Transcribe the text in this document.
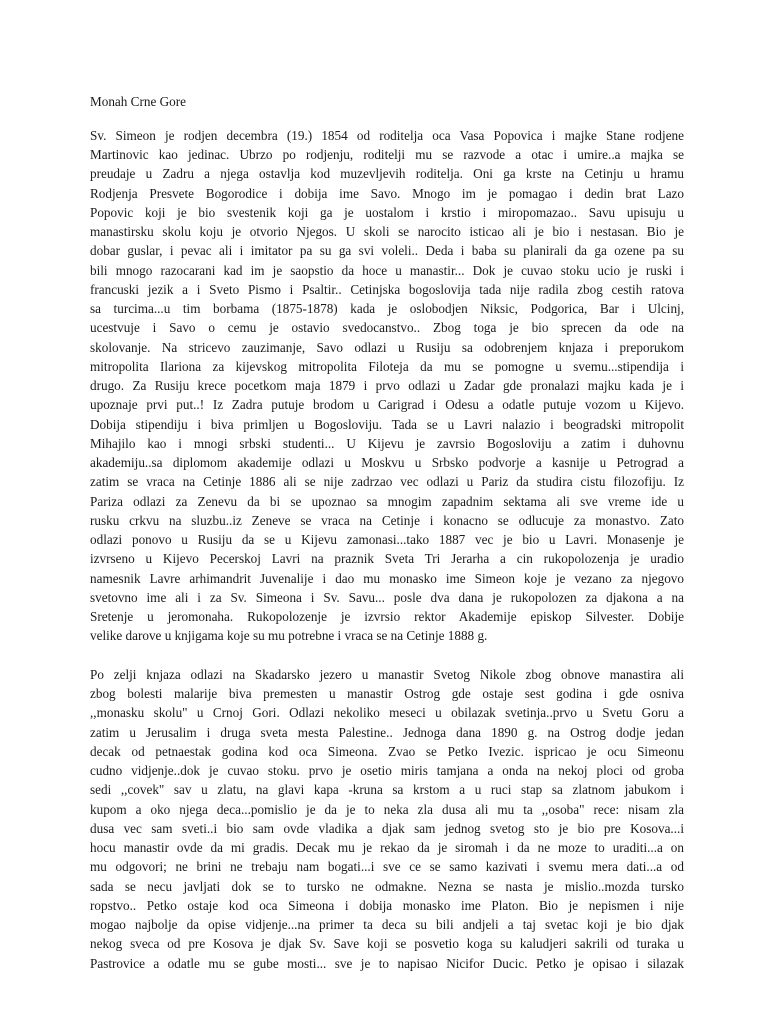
Monah Crne Gore
Sv. Simeon je rodjen decembra (19.) 1854 od roditelja oca Vasa Popovica i majke Stane rodjene
Martinovic kao jedinac. Ubrzo po rodjenju, roditelji mu se razvode a otac i umire..a majka se
preudaje u Zadru a njega ostavlja kod muzevljevih roditelja. Oni ga krste na Cetinju u hramu
Rodjenja Presvete Bogorodice i dobija ime Savo. Mnogo im je pomagao i dedin brat Lazo
Popovic koji je bio svestenik koji ga je uostalom i krstio i miropomazao.. Savu upisuju u
manastirsku skolu koju je otvorio Njegos. U skoli se narocito isticao ali je bio i nestasan. Bio je
dobar guslar, i pevac ali i imitator pa su ga svi voleli.. Deda i baba su planirali da ga ozene pa su
bili mnogo razocarani kad im je saopstio da hoce u manastir... Dok je cuvao stoku ucio je ruski i
francuski jezik a i Sveto Pismo i Psaltir.. Cetinjska bogoslovija tada nije radila zbog cestih ratova
sa turcima...u tim borbama (1875-1878) kada je oslobodjen Niksic, Podgorica, Bar i Ulcinj,
ucestvuje i Savo o cemu je ostavio svedocanstvo.. Zbog toga je bio sprecen da ode na
skolovanje. Na stricevo zauzimanje, Savo odlazi u Rusiju sa odobrenjem knjaza i preporukom
mitropolita Ilariona za kijevskog mitropolita Filoteja da mu se pomogne u svemu...stipendija i
drugo. Za Rusiju krece pocetkom maja 1879 i prvo odlazi u Zadar gde pronalazi majku kada je i
upoznaje prvi put..! Iz Zadra putuje brodom u Carigrad i Odesu a odatle putuje vozom u Kijevo.
Dobija stipendiju i biva primljen u Bogosloviju. Tada se u Lavri nalazio i beogradski mitropolit
Mihajilo kao i mnogi srbski studenti... U Kijevu je zavrsio Bogosloviju a zatim i duhovnu
akademiju..sa diplomom akademije odlazi u Moskvu u Srbsko podvorje a kasnije u Petrograd a
zatim se vraca na Cetinje 1886 ali se nije zadrzao vec odlazi u Pariz da studira cistu filozofiju. Iz
Pariza odlazi za Zenevu da bi se upoznao sa mnogim zapadnim sektama ali sve vreme ide u
rusku crkvu na sluzbu..iz Zeneve se vraca na Cetinje i konacno se odlucuje za monastvo. Zato
odlazi ponovo u Rusiju da se u Kijevu zamonasi...tako 1887 vec je bio u Lavri. Monasenje je
izvrseno u Kijevo Pecerskoj Lavri na praznik Sveta Tri Jerarha a cin rukopolozenja je uradio
namesnik Lavre arhimandrit Juvenalije i dao mu monasko ime Simeon koje je vezano za njegovo
svetovno ime ali i za Sv. Simeona i Sv. Savu... posle dva dana je rukopolozen za djakona a na
Sretenje u jeromonaha. Rukopolozenje je izvrsio rektor Akademije episkop Silvester. Dobije
velike darove u knjigama koje su mu potrebne i vraca se na Cetinje 1888 g.
Po zelji knjaza odlazi na Skadarsko jezero u manastir Svetog Nikole zbog obnove manastira ali
zbog bolesti malarije biva premesten u manastir Ostrog gde ostaje sest godina i gde osniva
,,monasku skolu" u Crnoj Gori. Odlazi nekoliko meseci u obilazak svetinja..prvo u Svetu Goru a
zatim u Jerusalim i druga sveta mesta Palestine.. Jednoga dana 1890 g. na Ostrog dodje jedan
decak od petnaestak godina kod oca Simeona. Zvao se Petko Ivezic. ispricao je ocu Simeonu
cudno vidjenje..dok je cuvao stoku. prvo je osetio miris tamjana a onda na nekoj ploci od groba
sedi ,,covek" sav u zlatu, na glavi kapa -kruna sa krstom a u ruci stap sa zlatnom jabukom i
kupom a oko njega deca...pomislio je da je to neka zla dusa ali mu ta ,,osoba" rece: nisam zla
dusa vec sam sveti..i bio sam ovde vladika a djak sam jednog svetog sto je bio pre Kosova...i
hocu manastir ovde da mi gradis. Decak mu je rekao da je siromah i da ne moze to uraditi...a on
mu odgovori; ne brini ne trebaju nam bogati...i sve ce se samo kazivati i svemu mera dati...a od
sada se necu javljati dok se to tursko ne odmakne. Nezna se nasta je mislio..mozda tursko
ropstvo.. Petko ostaje kod oca Simeona i dobija monasko ime Platon. Bio je nepismen i nije
mogao najbolje da opise vidjenje...na primer ta deca su bili andjeli a taj svetac koji je bio djak
nekog sveca od pre Kosova je djak Sv. Save koji se posvetio koga su kaludjeri sakrili od turaka u
Pastrovice a odatle mu se gube mosti... sve je to napisao Nicifor Ducic. Petko je opisao i silazak
